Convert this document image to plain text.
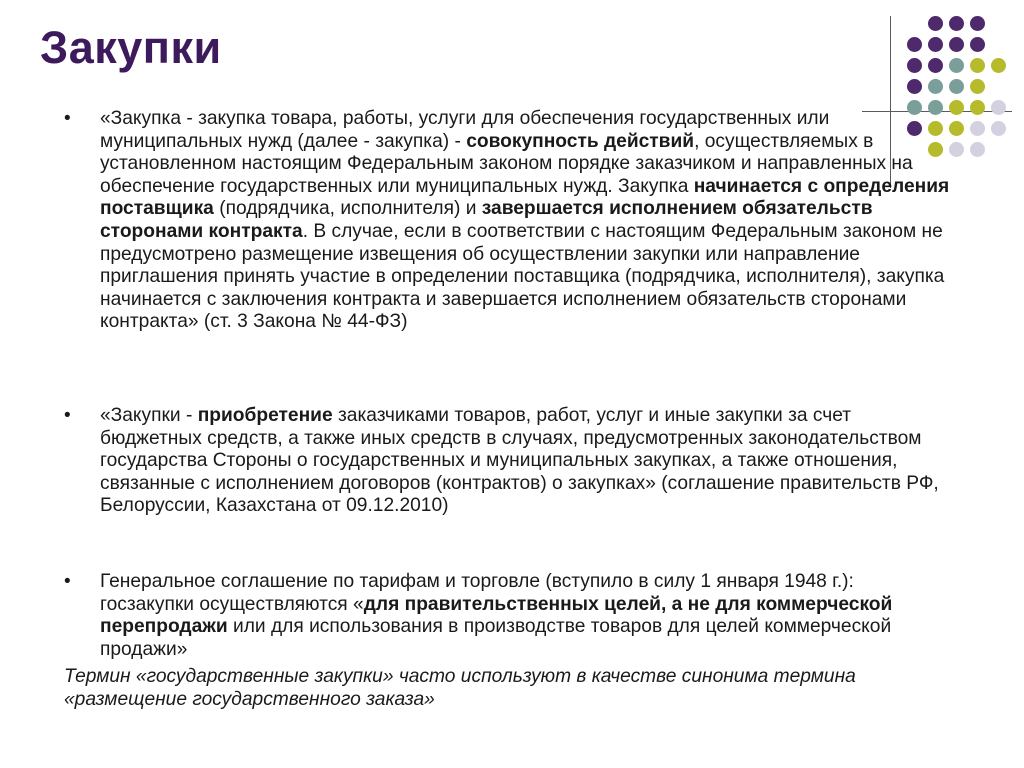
Закупки
• «Закупка - закупка товара, работы, услуги для обеспечения государственных или муниципальных нужд (далее - закупка) - совокупность действий, осуществляемых в установленном настоящим Федеральным законом порядке заказчиком и направленных на обеспечение государственных или муниципальных нужд. Закупка начинается с определения поставщика (подрядчика, исполнителя) и завершается исполнением обязательств сторонами контракта. В случае, если в соответствии с настоящим Федеральным законом не предусмотрено размещение извещения об осуществлении закупки или направление приглашения принять участие в определении поставщика (подрядчика, исполнителя), закупка начинается с заключения контракта и завершается исполнением обязательств сторонами контракта» (ст. 3 Закона № 44-ФЗ)
• «Закупки - приобретение заказчиками товаров, работ, услуг и иные закупки за счет бюджетных средств, а также иных средств в случаях, предусмотренных законодательством государства Стороны о государственных и муниципальных закупках, а также отношения, связанные с исполнением договоров (контрактов) о закупках» (соглашение правительств РФ, Белоруссии, Казахстана от 09.12.2010)
• Генеральное соглашение по тарифам и торговле (вступило в силу 1 января 1948 г.): госзакупки осуществляются «для правительственных целей, а не для коммерческой перепродажи или для использования в производстве товаров для целей коммерческой продажи»
Термин «государственные закупки» часто используют в качестве синонима термина «размещение государственного заказа»
